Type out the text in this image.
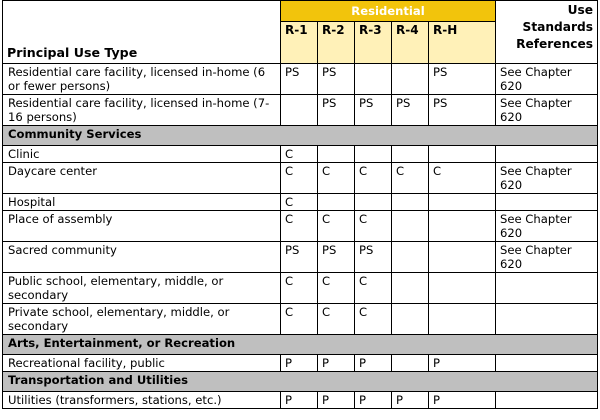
	Residential					Use Standards References
Principal Use Type	R-1	R-2	R-3	R-4	R-H	
Residential care facility, licensed in-home (6 or fewer persons)	PS	PS			PS	See Chapter 620
Residential care facility, licensed in-home (7-16 persons)		PS	PS	PS	PS	See Chapter 620
Community Services						
Clinic	C					
Daycare center	C	C	C	C	C	See Chapter 620
Hospital	C					
Place of assembly	C	C	C			See Chapter 620
Sacred community	PS	PS	PS			See Chapter 620
Public school, elementary, middle, or secondary	C	C	C			
Private school, elementary, middle, or secondary	C	C	C			
Arts, Entertainment, or Recreation						
Recreational facility, public	P	P	P		P	
Transportation and Utilities						
Utilities (transformers, stations, etc.)	P	P	P	P	P	
